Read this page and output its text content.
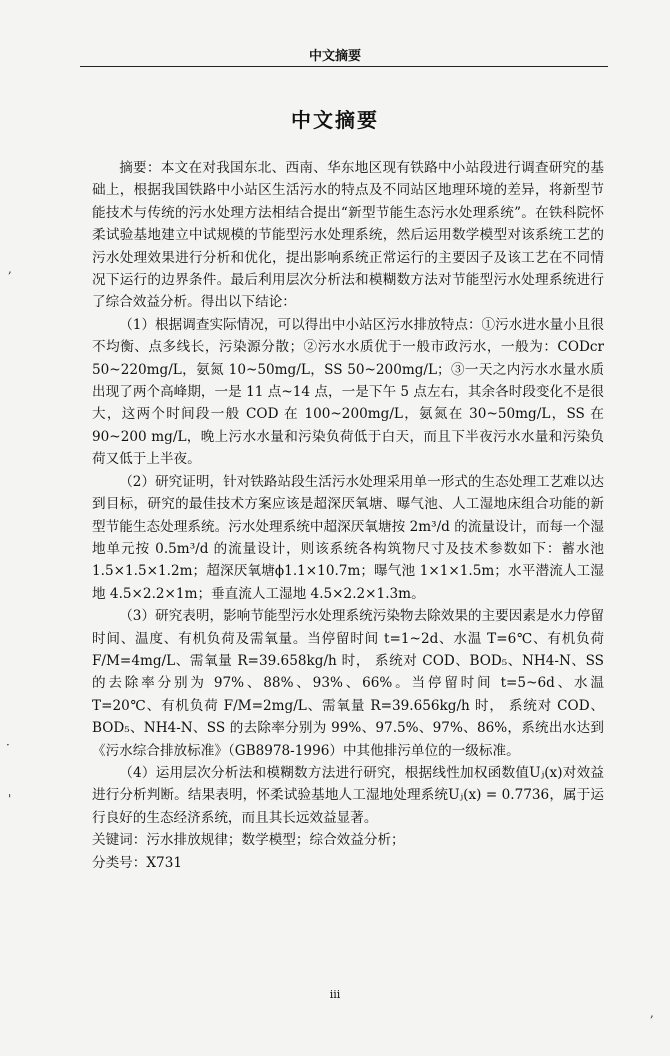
中文摘要
中文摘要

摘要：本文在对我国东北、西南、华东地区现有铁路中小站段进行调查研究的基础上，根据我国铁路中小站区生活污水的特点及不同站区地理环境的差异，将新型节能技术与传统的污水处理方法相结合提出“新型节能生态污水处理系统”。在铁科院怀柔试验基地建立中试规模的节能型污水处理系统，然后运用数学模型对该系统工艺的污水处理效果进行分析和优化，提出影响系统正常运行的主要因子及该工艺在不同情况下运行的边界条件。最后利用层次分析法和模糊数方法对节能型污水处理系统进行了综合效益分析。得出以下结论：

（1）根据调查实际情况，可以得出中小站区污水排放特点：①污水进水量小且很不均衡、点多线长，污染源分散；②污水水质优于一般市政污水，一般为：CODcr 50~220mg/L，氨氮 10~50mg/L，SS 50~200mg/L；③一天之内污水水量水质出现了两个高峰期，一是 11 点~14 点，一是下午 5 点左右，其余各时段变化不是很大，这两个时间段一般 COD 在 100~200mg/L，氨氮在 30~50mg/L，SS 在 90~200 mg/L，晚上污水水量和污染负荷低于白天，而且下半夜污水水量和污染负荷又低于上半夜。

（2）研究证明，针对铁路站段生活污水处理采用单一形式的生态处理工艺难以达到目标，研究的最佳技术方案应该是超深厌氧塘、曝气池、人工湿地床组合功能的新型节能生态处理系统。污水处理系统中超深厌氧塘按 2m³/d 的流量设计，而每一个湿地单元按 0.5m³/d 的流量设计，则该系统各构筑物尺寸及技术参数如下：蓄水池 1.5×1.5×1.2m；超深厌氧塘ϕ1.1×10.7m；曝气池 1×1×1.5m；水平潜流人工湿地 4.5×2.2×1m；垂直流人工湿地 4.5×2.2×1.3m。

（3）研究表明，影响节能型污水处理系统污染物去除效果的主要因素是水力停留时间、温度、有机负荷及需氧量。当停留时间 t=1~2d、水温 T=6℃、有机负荷 F/M=4mg/L、需氧量 R=39.658kg/h 时， 系统对 COD、BOD₅、NH4-N、SS 的去除率分别为 97%、88%、93%、66%。当停留时间 t=5~6d、水温 T=20℃、有机负荷 F/M=2mg/L、需氧量 R=39.656kg/h 时， 系统对 COD、BOD₅、NH4-N、SS 的去除率分别为 99%、97.5%、97%、86%，系统出水达到《污水综合排放标准》（GB8978-1996）中其他排污单位的一级标准。

（4）运用层次分析法和模糊数方法进行研究，根据线性加权函数值Uⱼ(x)对效益进行分析判断。结果表明，怀柔试验基地人工湿地处理系统Uⱼ(x) = 0.7736，属于运行良好的生态经济系统，而且其长远效益显著。

关键词：污水排放规律；数学模型；综合效益分析；

分类号：X731

iii
,
·
'
,
